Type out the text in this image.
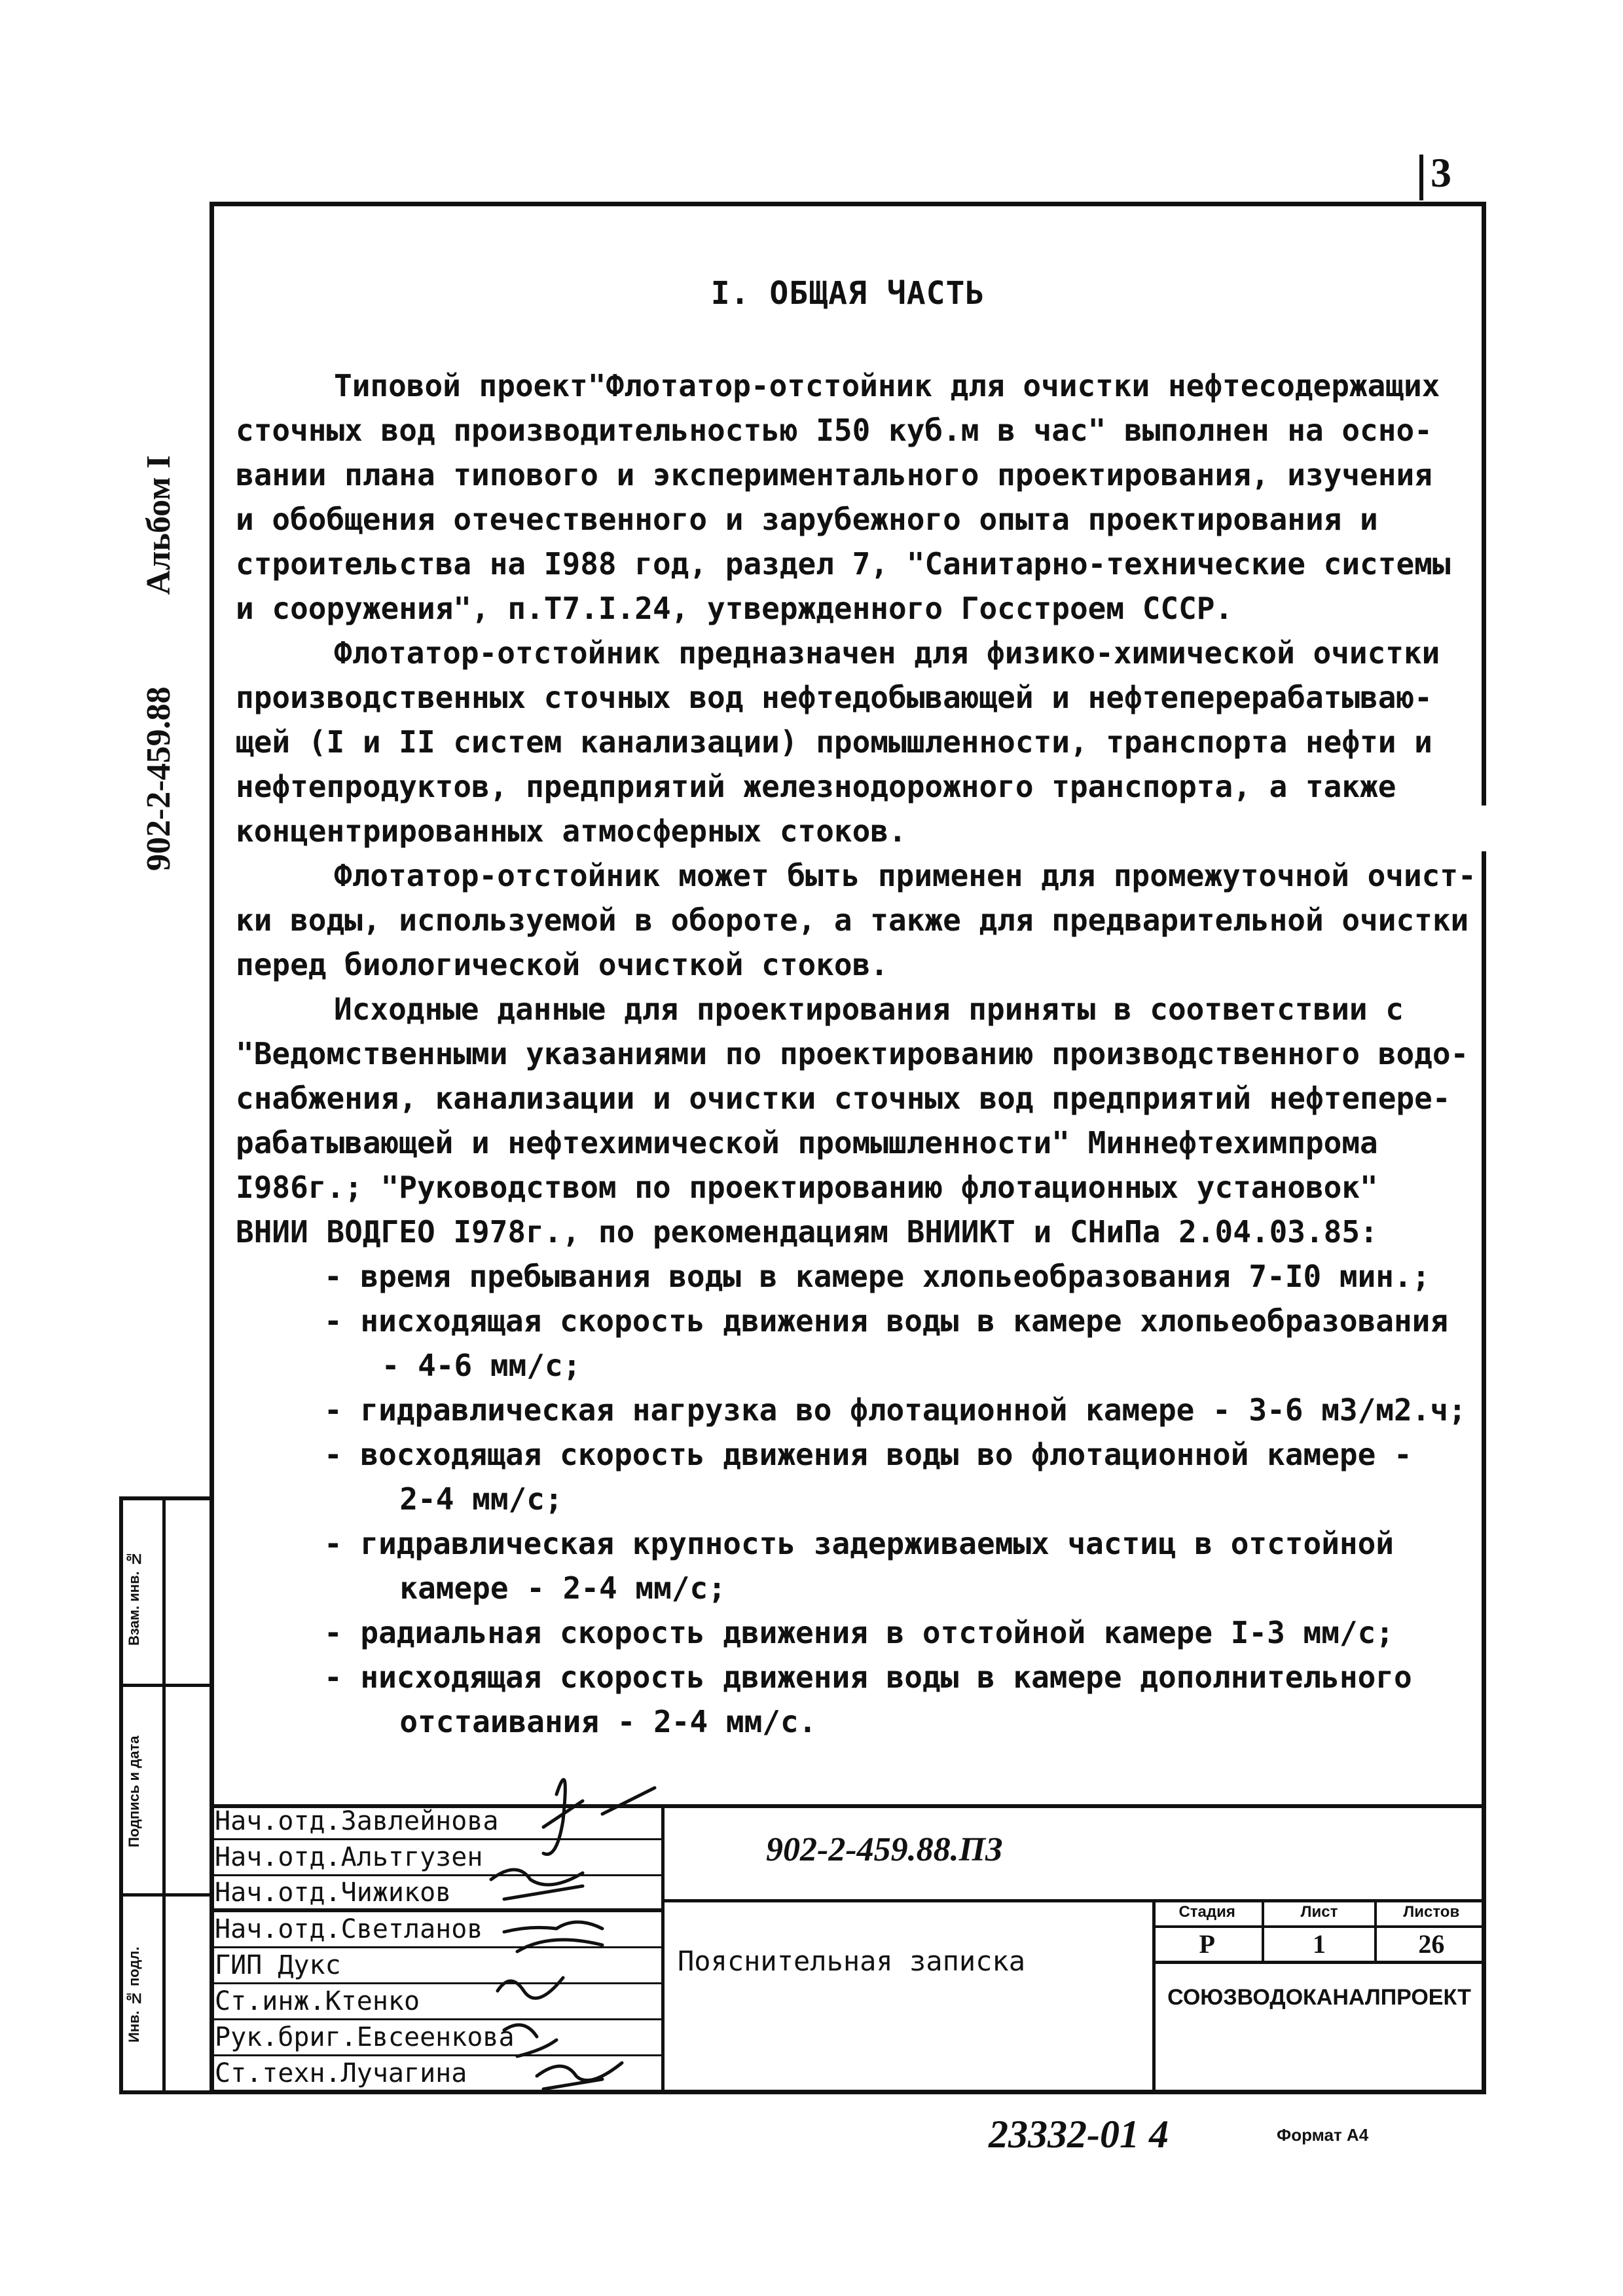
3
902-2-459.88
Альбом I
I. ОБЩАЯ ЧАСТЬ

Типовой проект"Флотатор-отстойник для очистки нефтесодержащих

сточных вод производительностью I50 куб.м в час" выполнен на осно-

вании плана типового и экспериментального проектирования, изучения

и обобщения отечественного и зарубежного опыта проектирования и

строительства на I988 год, раздел 7, "Санитарно-технические системы

и сооружения", п.Т7.I.24, утвержденного Госстроем СССР.

Флотатор-отстойник предназначен для физико-химической очистки

производственных сточных вод нефтедобывающей и нефтеперерабатываю-

щей (I и II систем канализации) промышленности, транспорта нефти и

нефтепродуктов, предприятий железнодорожного транспорта, а также

концентрированных атмосферных стоков.

Флотатор-отстойник может быть применен для промежуточной очист-

ки воды, используемой в обороте, а также для предварительной очистки

перед биологической очисткой стоков.

Исходные данные для проектирования приняты в соответствии с

"Ведомственными указаниями по проектированию производственного водо-

снабжения, канализации и очистки сточных вод предприятий нефтепере-

рабатывающей и нефтехимической промышленности" Миннефтехимпрома

I986г.; "Руководством по проектированию флотационных установок"

ВНИИ ВОДГЕО I978г., по рекомендациям ВНИИКТ и СНиПа 2.04.03.85:

- время пребывания воды в камере хлопьеобразования 7-I0 мин.;

- нисходящая скорость движения воды в камере хлопьеобразования

- 4-6 мм/с;

- гидравлическая нагрузка во флотационной камере - 3-6 м3/м2.ч;

- восходящая скорость движения воды во флотационной камере -

2-4 мм/с;

- гидравлическая крупность задерживаемых частиц в отстойной

камере - 2-4 мм/с;

- радиальная скорость движения в отстойной камере I-3 мм/с;

- нисходящая скорость движения воды в камере дополнительного

отстаивания - 2-4 мм/с.

Взам. инв. №
Подпись и дата
Инв. № подл.
Нач.отд.Завлейнова
Нач.отд.Альтгузен
Нач.отд.Чижиков
Нач.отд.Светланов
ГИП Дукс
Ст.инж.Ктенко
Рук.бриг.Евсеенкова
Ст.техн.Лучагина
902-2-459.88.ПЗ
Пояснительная записка
Стадия	Лист	Листов
Р	1	26
СОЮЗВОДОКАНАЛПРОЕКТ
23332-01 4	Формат А4
